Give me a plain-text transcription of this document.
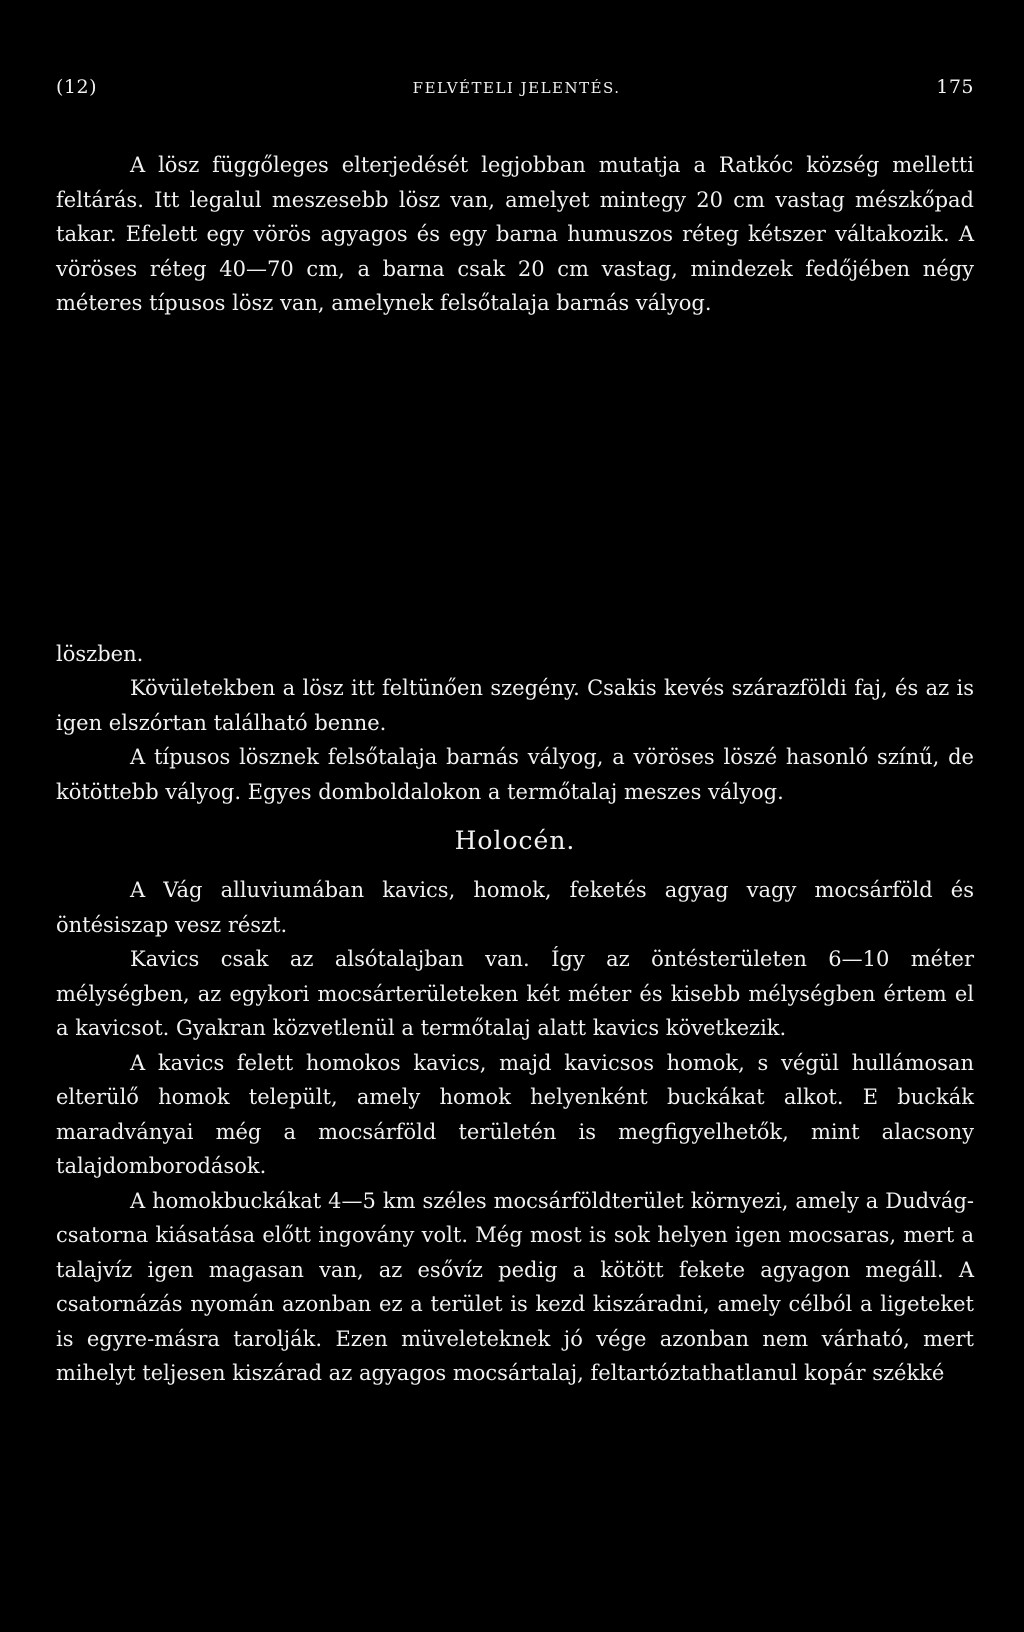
(12)	FELVÉTELI JELENTÉS.	175

A lösz függőleges elterjedését legjobban mutatja a Ratkóc község melletti feltárás. Itt legalul meszesebb lösz van, amelyet mintegy 20 cm vastag mészkőpad takar. Efelett egy vörös agyagos és egy barna humuszos réteg kétszer váltakozik. A vöröses réteg 40—70 cm, a barna csak 20 cm vastag, mindezek fedőjében négy méteres típusos lösz van, amelynek felsőtalaja barnás vályog.

löszben.

Kövületekben a lösz itt feltünően szegény. Csakis kevés szárazföldi faj, és az is igen elszórtan található benne.

A típusos lösznek felsőtalaja barnás vályog, a vöröses löszé hasonló színű, de kötöttebb vályog. Egyes domboldalokon a termőtalaj meszes vályog.

Holocén.

A Vág alluviumában kavics, homok, feketés agyag vagy mocsárföld és öntésiszap vesz részt.

Kavics csak az alsótalajban van. Így az öntésterületen 6—10 méter mélységben, az egykori mocsárterületeken két méter és kisebb mélységben értem el a kavicsot. Gyakran közvetlenül a termőtalaj alatt kavics következik.

A kavics felett homokos kavics, majd kavicsos homok, s végül hullámosan elterülő homok települt, amely homok helyenként buckákat alkot. E buckák maradványai még a mocsárföld területén is megfigyelhetők, mint alacsony talajdomborodások.

A homokbuckákat 4—5 km széles mocsárföldterület környezi, amely a Dudvág-csatorna kiásatása előtt ingovány volt. Még most is sok helyen igen mocsaras, mert a talajvíz igen magasan van, az esővíz pedig a kötött fekete agyagon megáll. A csatornázás nyomán azonban ez a terület is kezd kiszáradni, amely célból a ligeteket is egyre-másra tarolják. Ezen müveleteknek jó vége azonban nem várható, mert mihelyt teljesen kiszárad az agyagos mocsártalaj, feltartóztathatlanul kopár székké
